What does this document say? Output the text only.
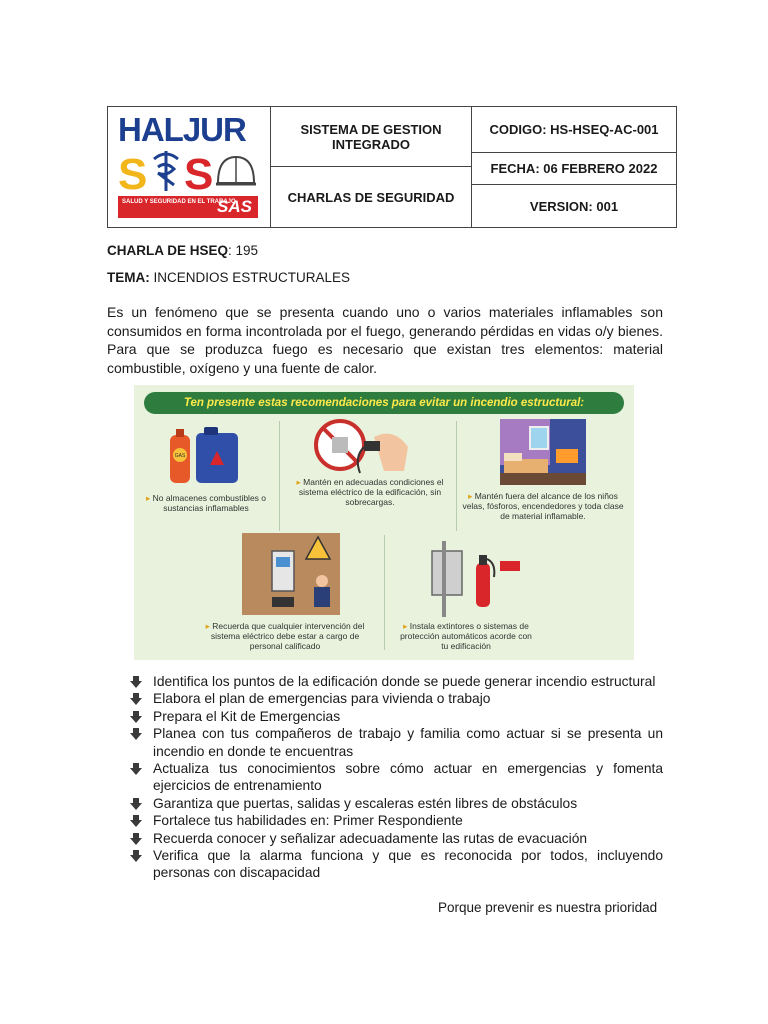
HALJUR
S S
SALUD Y SEGURIDAD EN EL TRABAJO
SAS
SISTEMA DE GESTION INTEGRADO
CHARLAS DE SEGURIDAD
CODIGO: HS-HSEQ-AC-001
FECHA: 06 FEBRERO 2022
VERSION: 001
CHARLA DE HSEQ: 195
TEMA: INCENDIOS ESTRUCTURALES
Es un fenómeno que se presenta cuando uno o varios materiales inflamables son consumidos en forma incontrolada por el fuego, generando pérdidas en vidas o/y bienes. Para que se produzca fuego es necesario que existan tres elementos: material combustible, oxígeno y una fuente de calor.
Ten presente estas recomendaciones para evitar un incendio estructural:
GAS
▸ No almacenes combustibles o sustancias inflamables
▸ Mantén en adecuadas condiciones el sistema eléctrico de la edificación, sin sobrecargas.
▸ Mantén fuera del alcance de los niños velas, fósforos, encendedores y toda clase de material inflamable.
▸ Recuerda que cualquier intervención del sistema eléctrico debe estar a cargo de personal calificado
▸ Instala extintores o sistemas de protección automáticos acorde con tu edificación
Identifica los puntos de la edificación donde se puede generar incendio estructural
Elabora el plan de emergencias para vivienda o trabajo
Prepara el Kit de Emergencias
Planea con tus compañeros de trabajo y familia como actuar si se presenta un incendio en donde te encuentras
Actualiza tus conocimientos sobre cómo actuar en emergencias y fomenta ejercicios de entrenamiento
Garantiza que puertas, salidas y escaleras estén libres de obstáculos
Fortalece tus habilidades en: Primer Respondiente
Recuerda conocer y señalizar adecuadamente las rutas de evacuación
Verifica que la alarma funciona y que es reconocida por todos, incluyendo personas con discapacidad
Porque prevenir es nuestra prioridad
